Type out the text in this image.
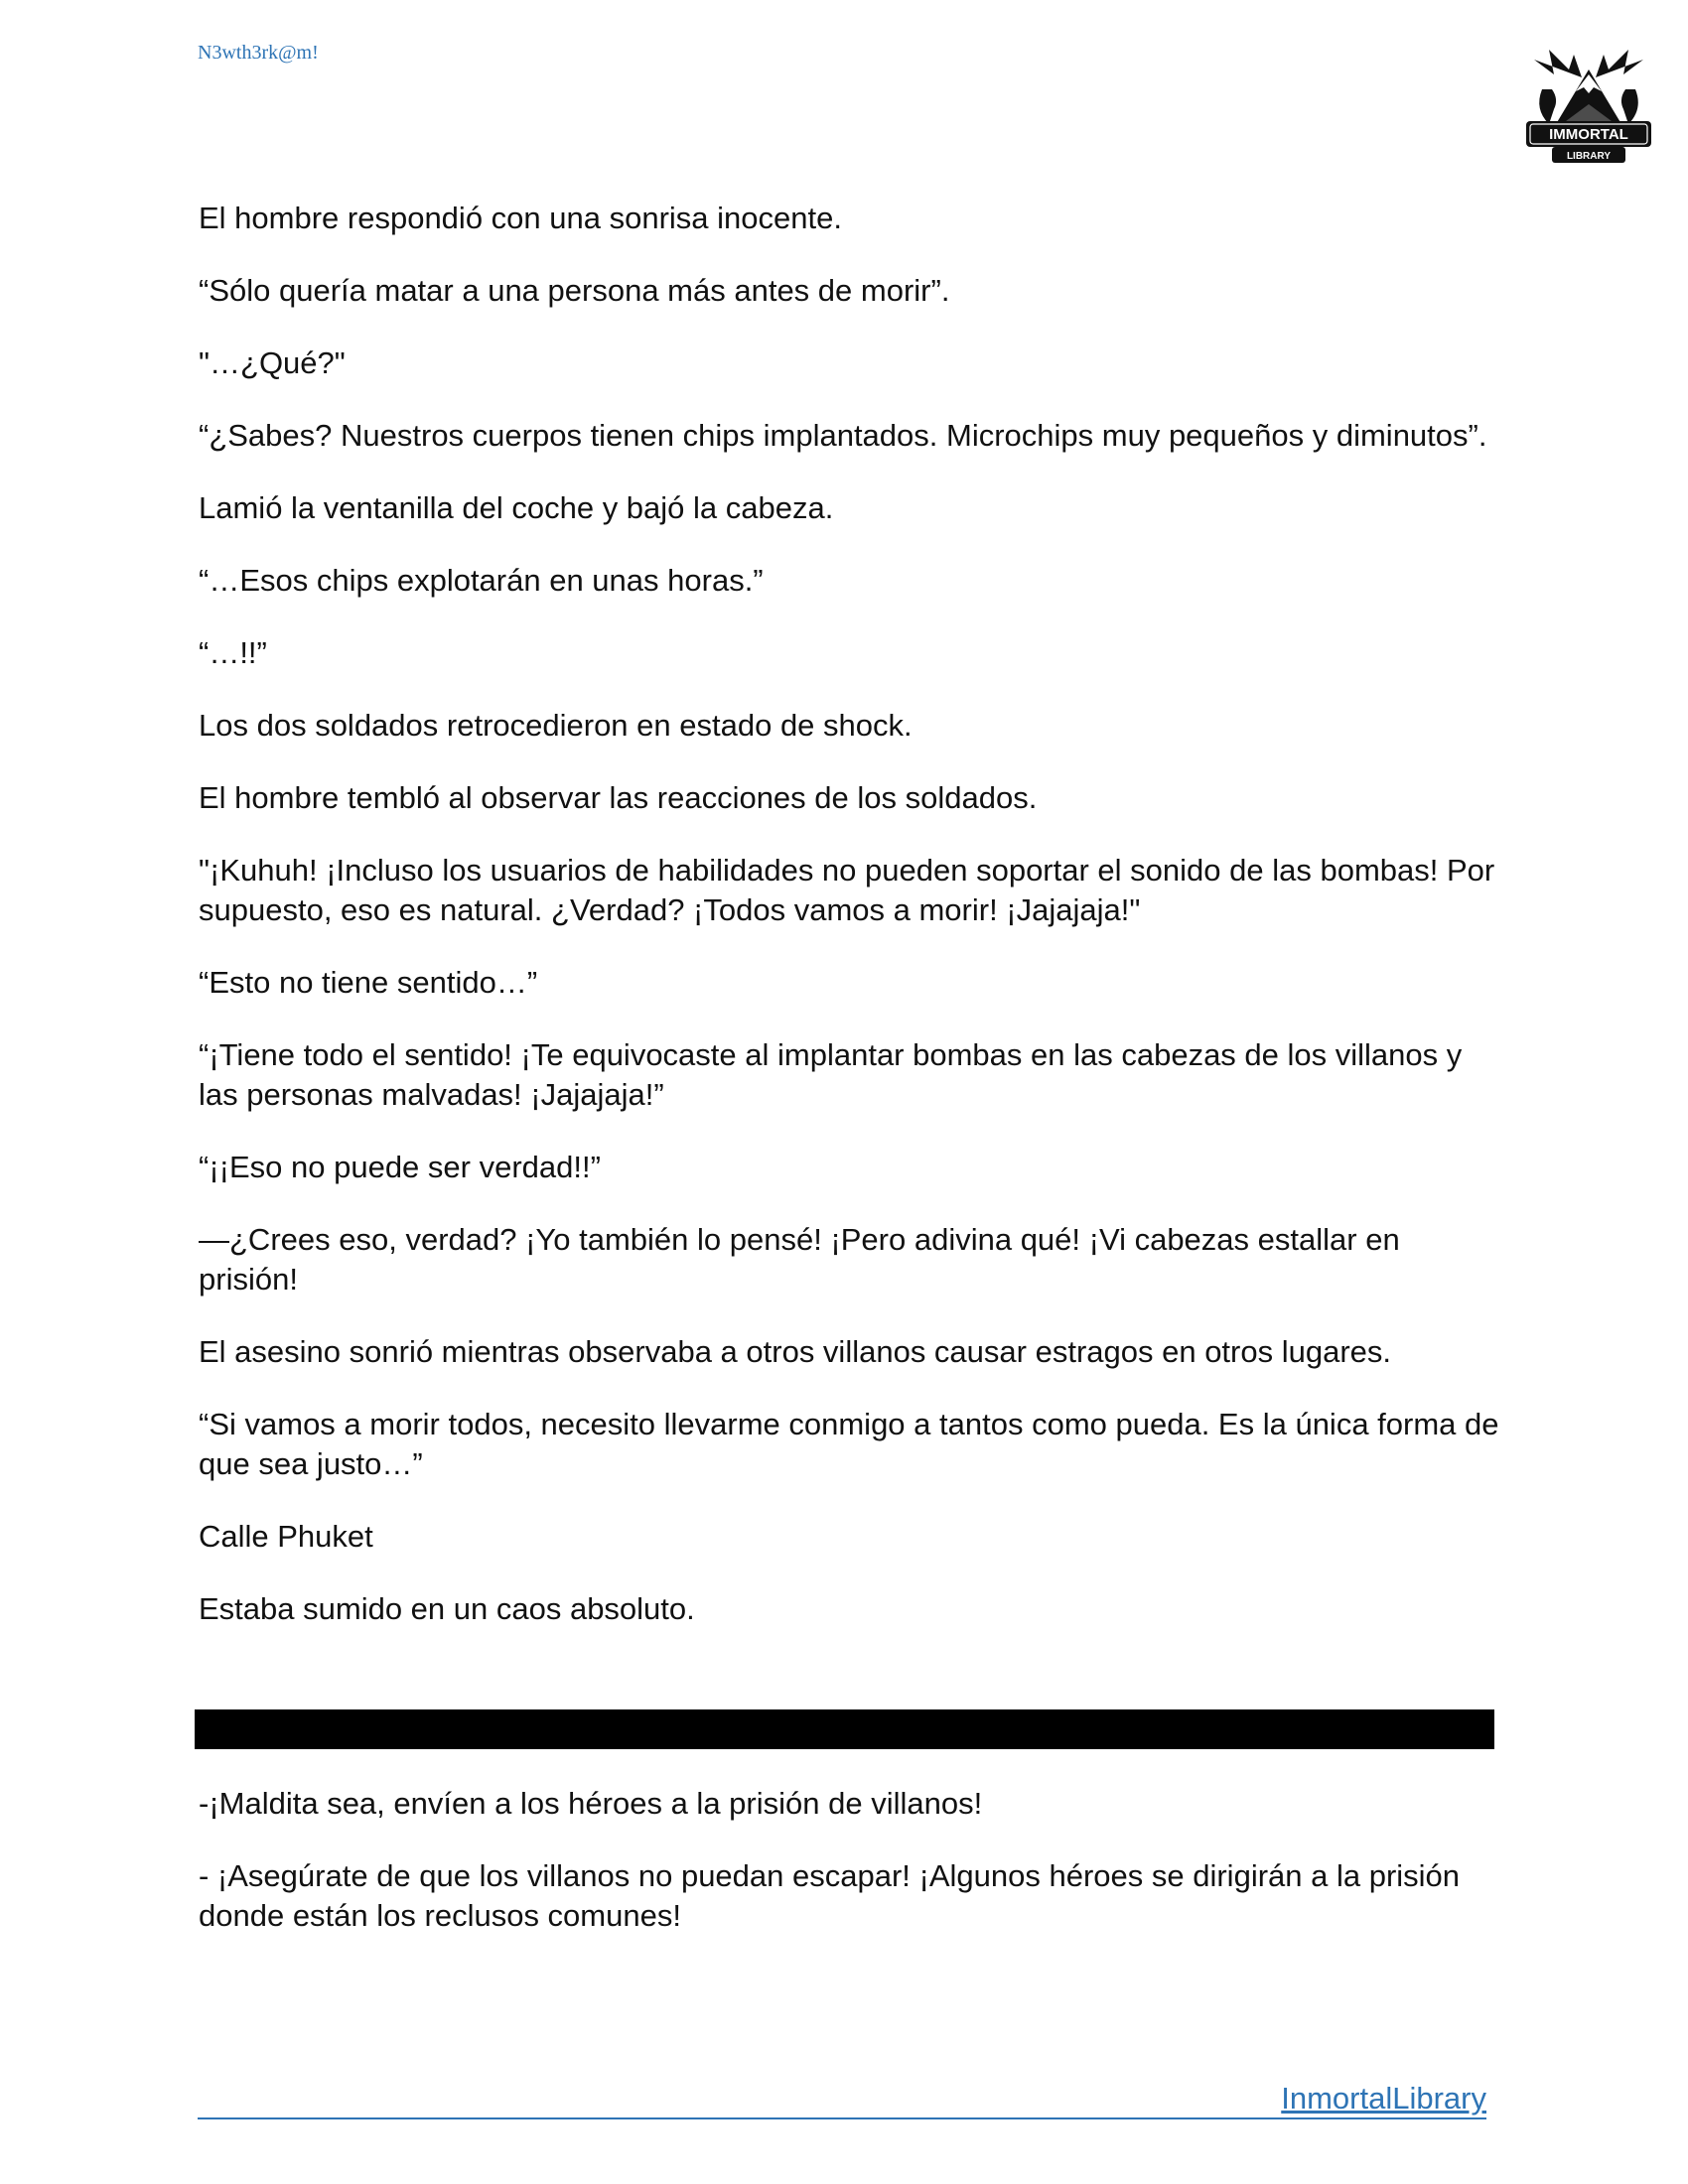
N3wth3rk@m!
IMMORTAL
LIBRARY

El hombre respondió con una sonrisa inocente.

“Sólo quería matar a una persona más antes de morir”.

"…¿Qué?"

“¿Sabes? Nuestros cuerpos tienen chips implantados. Microchips muy pequeños y diminutos”.

Lamió la ventanilla del coche y bajó la cabeza.

“…Esos chips explotarán en unas horas.”

“…!!”

Los dos soldados retrocedieron en estado de shock.

El hombre tembló al observar las reacciones de los soldados.

"¡Kuhuh! ¡Incluso los usuarios de habilidades no pueden soportar el sonido de las bombas! Por supuesto, eso es natural. ¿Verdad? ¡Todos vamos a morir! ¡Jajajaja!"

“Esto no tiene sentido…”

“¡Tiene todo el sentido! ¡Te equivocaste al implantar bombas en las cabezas de los villanos y las personas malvadas! ¡Jajajaja!”

“¡¡Eso no puede ser verdad!!”

—¿Crees eso, verdad? ¡Yo también lo pensé! ¡Pero adivina qué! ¡Vi cabezas estallar en prisión!

El asesino sonrió mientras observaba a otros villanos causar estragos en otros lugares.

“Si vamos a morir todos, necesito llevarme conmigo a tantos como pueda. Es la única forma de que sea justo…”

Calle Phuket

Estaba sumido en un caos absoluto.

-¡Maldita sea, envíen a los héroes a la prisión de villanos!

- ¡Asegúrate de que los villanos no puedan escapar! ¡Algunos héroes se dirigirán a la prisión donde están los reclusos comunes!

InmortalLibrary
